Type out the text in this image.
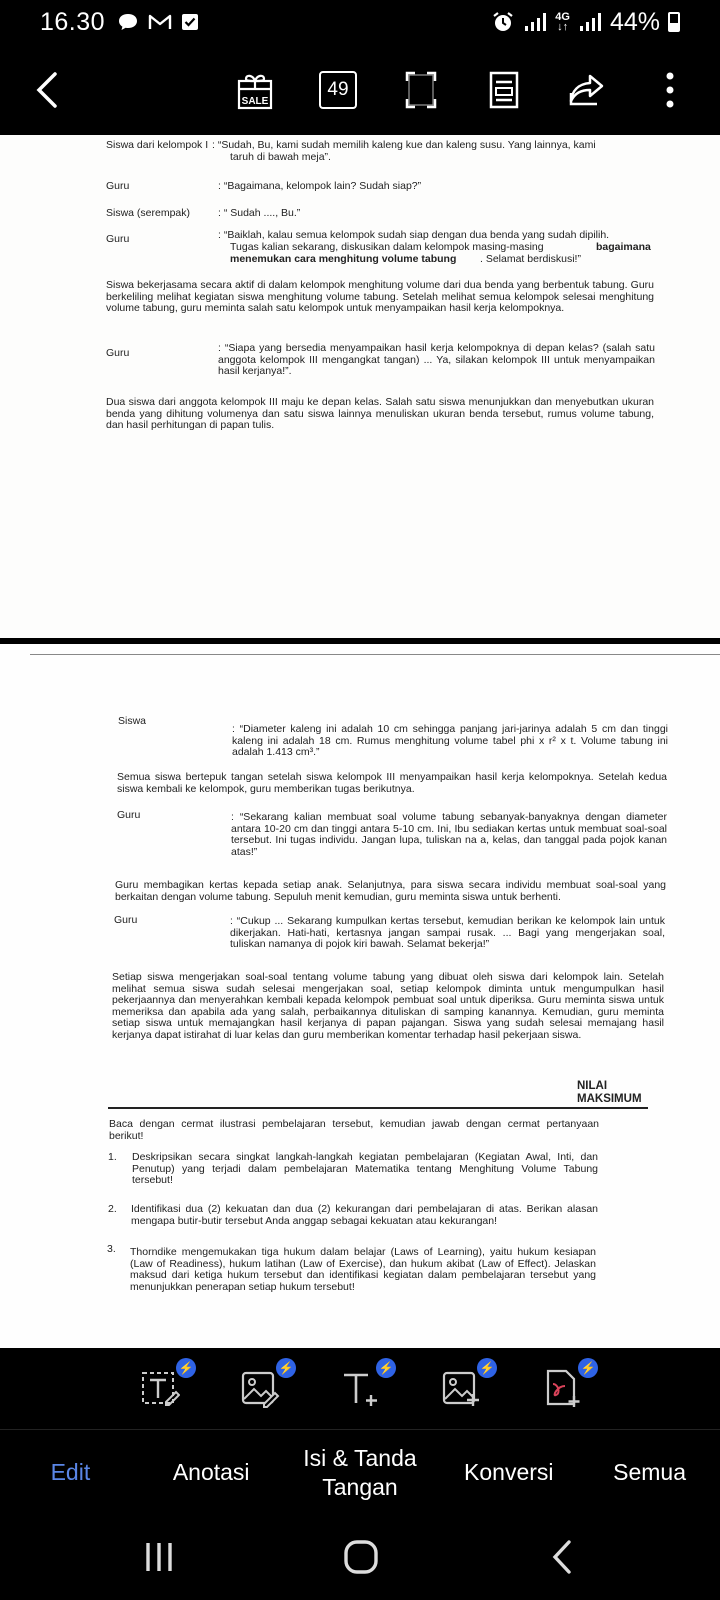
16.30	4G
↓↑ 44%
SALE
49
Siswa dari kelompok I : “Sudah, Bu, kami sudah memilih kaleng kue dan kaleng susu. Yang lainnya, kami
taruh di bawah meja”.
Guru	: “Bagaimana, kelompok lain? Sudah siap?”
Siswa (serempak)	: “ Sudah ...., Bu.”
Guru	: “Baiklah, kalau semua kelompok sudah siap dengan dua benda yang sudah dipilih.
Tugas kalian sekarang, diskusikan dalam kelompok masing-masing	bagaimana
menemukan cara menghitung volume tabung . Selamat berdiskusi!”
Siswa bekerjasama secara aktif di dalam kelompok menghitung volume dari dua benda yang berbentuk tabung. Guru berkeliling melihat kegiatan siswa menghitung volume tabung. Setelah melihat semua kelompok selesai menghitung volume tabung, guru meminta salah satu kelompok untuk menyampaikan hasil kerja kelompoknya.
Guru	: “Siapa yang bersedia menyampaikan hasil kerja kelompoknya di depan kelas? (salah satu anggota kelompok III mengangkat tangan) ... Ya, silakan kelompok III untuk menyampaikan hasil kerjanya!”.
Dua siswa dari anggota kelompok III maju ke depan kelas. Salah satu siswa menunjukkan dan menyebutkan ukuran benda yang dihitung volumenya dan satu siswa lainnya menuliskan ukuran benda tersebut, rumus volume tabung, dan hasil perhitungan di papan tulis.
Siswa
: “Diameter kaleng ini adalah 10 cm sehingga panjang jari-jarinya adalah 5 cm dan tinggi kaleng ini adalah 18 cm. Rumus menghitung volume tabel phi x r² x t. Volume tabung ini adalah 1.413 cm³.”
Semua siswa bertepuk tangan setelah siswa kelompok III menyampaikan hasil kerja kelompoknya. Setelah kedua siswa kembali ke kelompok, guru memberikan tugas berikutnya.
Guru	: “Sekarang kalian membuat soal volume tabung sebanyak-banyaknya dengan diameter antara 10-20 cm dan tinggi antara 5-10 cm. Ini, Ibu sediakan kertas untuk membuat soal-soal tersebut. Ini tugas individu. Jangan lupa, tuliskan na a, kelas, dan tanggal pada pojok kanan atas!”
Guru membagikan kertas kepada setiap anak. Selanjutnya, para siswa secara individu membuat soal-soal yang berkaitan dengan volume tabung. Sepuluh menit kemudian, guru meminta siswa untuk berhenti.
Guru	: “Cukup ... Sekarang kumpulkan kertas tersebut, kemudian berikan ke kelompok lain untuk dikerjakan. Hati-hati, kertasnya jangan sampai rusak. ... Bagi yang mengerjakan soal, tuliskan namanya di pojok kiri bawah. Selamat bekerja!”
Setiap siswa mengerjakan soal-soal tentang volume tabung yang dibuat oleh siswa dari kelompok lain. Setelah melihat semua siswa sudah selesai mengerjakan soal, setiap kelompok diminta untuk mengumpulkan hasil pekerjaannya dan menyerahkan kembali kepada kelompok pembuat soal untuk diperiksa. Guru meminta siswa untuk memeriksa dan apabila ada yang salah, perbaikannya dituliskan di samping kanannya. Kemudian, guru meminta setiap siswa untuk memajangkan hasil kerjanya di papan pajangan. Siswa yang sudah selesai memajang hasil kerjanya dapat istirahat di luar kelas dan guru memberikan komentar terhadap hasil pekerjaan siswa.
NILAI
MAKSIMUM
Baca dengan cermat ilustrasi pembelajaran tersebut, kemudian jawab dengan cermat pertanyaan berikut!
1. Deskripsikan secara singkat langkah-langkah kegiatan pembelajaran (Kegiatan Awal, Inti, dan Penutup) yang terjadi dalam pembelajaran Matematika tentang Menghitung Volume Tabung tersebut!
2. Identifikasi dua (2) kekuatan dan dua (2) kekurangan dari pembelajaran di atas. Berikan alasan mengapa butir-butir tersebut Anda anggap sebagai kekuatan atau kekurangan!
3. Thorndike mengemukakan tiga hukum dalam belajar (Laws of Learning), yaitu hukum kesiapan (Law of Readiness), hukum latihan (Law of Exercise), dan hukum akibat (Law of Effect). Jelaskan maksud dari ketiga hukum tersebut dan identifikasi kegiatan dalam pembelajaran tersebut yang menunjukkan penerapan setiap hukum tersebut!
⚡	⚡	⚡	⚡	⚡
Edit	Anotasi
Isi & Tanda Tangan
Konversi	Semua
